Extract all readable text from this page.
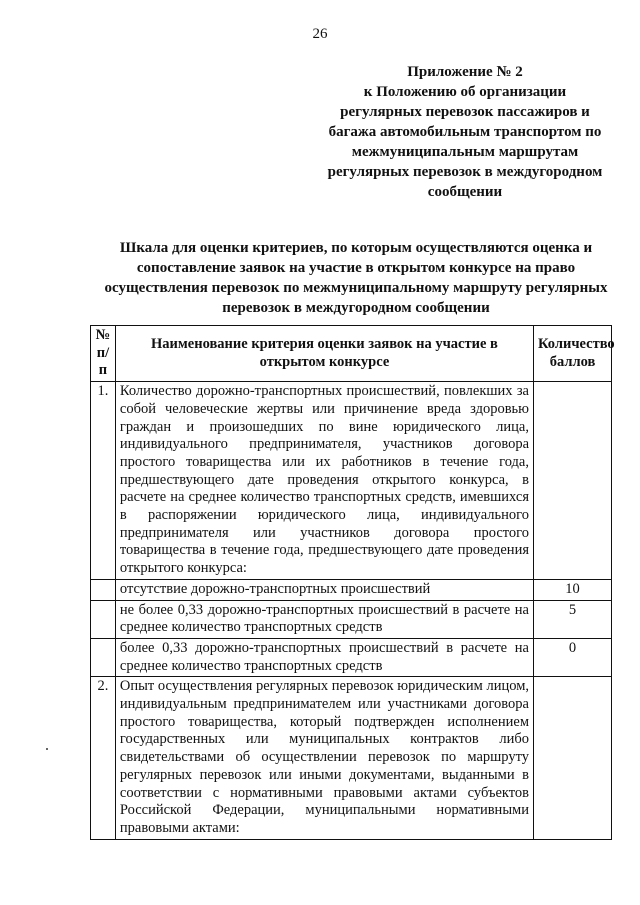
26
Приложение № 2
к Положению об организации
регулярных перевозок пассажиров и
багажа автомобильным транспортом по
межмуниципальным маршрутам
регулярных перевозок в междугородном
сообщении
Шкала для оценки критериев, по которым осуществляются оценка и
сопоставление заявок на участие в открытом конкурсе на право
осуществления перевозок по межмуниципальному маршруту регулярных
перевозок в междугородном сообщении
№ п/п	Наименование критерия оценки заявок на участие в открытом конкурсе	Количество баллов
1.	Количество дорожно-транспортных происшествий, повлекших за собой человеческие жертвы или причинение вреда здоровью граждан и произошедших по вине юридического лица, индивидуального предпринимателя, участников договора простого товарищества или их работников в течение года, предшествующего дате проведения открытого конкурса, в расчете на среднее количество транспортных средств, имевшихся в распоряжении юридического лица, индивидуального предпринимателя или участников договора простого товарищества в течение года, предшествующего дате проведения открытого конкурса:	
	отсутствие дорожно-транспортных происшествий	10
	не более 0,33 дорожно-транспортных происшествий в расчете на среднее количество транспортных средств	5
	более 0,33 дорожно-транспортных происшествий в расчете на среднее количество транспортных средств	0
2.	Опыт осуществления регулярных перевозок юридическим лицом, индивидуальным предпринимателем или участниками договора простого товарищества, который подтвержден исполнением государственных или муниципальных контрактов либо свидетельствами об осуществлении перевозок по маршруту регулярных перевозок или иными документами, выданными в соответствии с нормативными правовыми актами субъектов Российской Федерации, муниципальными нормативными правовыми актами:	
